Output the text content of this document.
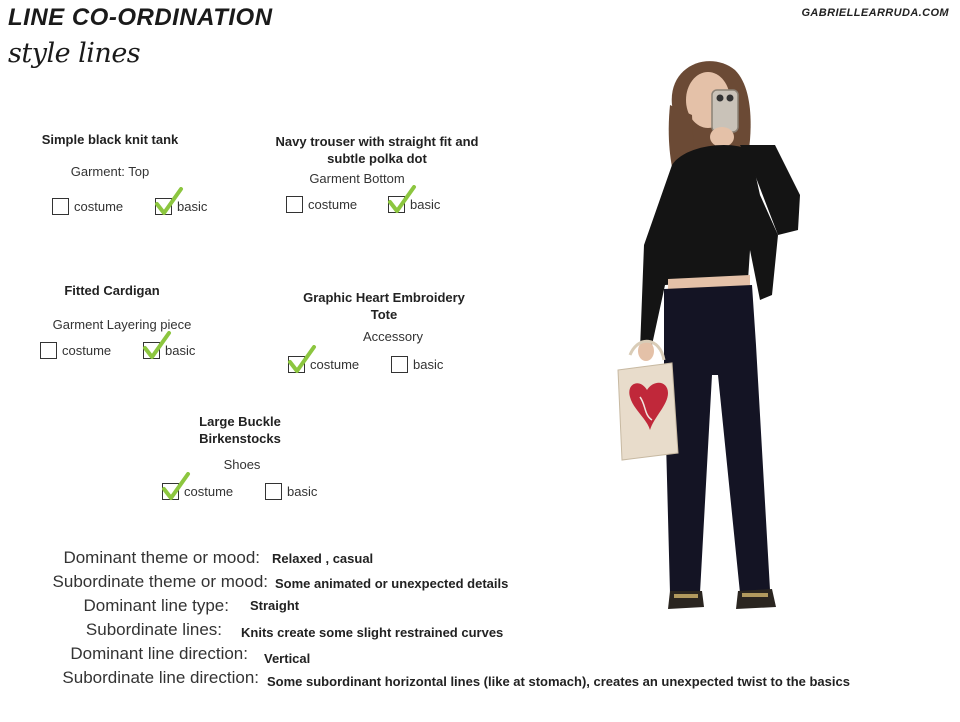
LINE CO-ORDINATION
style lines
GABRIELLEARRUDA.COM
Simple black knit tank
Garment: Top
costume	basic
Navy trouser with straight fit and
subtle polka dot
Garment Bottom
costume	basic
Fitted Cardigan
Garment Layering piece
costume	basic
Graphic Heart Embroidery
Tote
Accessory
costume	basic
Large Buckle
Birkenstocks
Shoes
costume	basic
Dominant theme or mood: Relaxed , casual
Subordinate theme or mood: Some animated or unexpected details
Dominant line type: Straight
Subordinate lines: Knits create some slight restrained curves
Dominant line direction: Vertical
Subordinate line direction: Some subordinant horizontal lines (like at stomach), creates an unexpected twist to the basics
